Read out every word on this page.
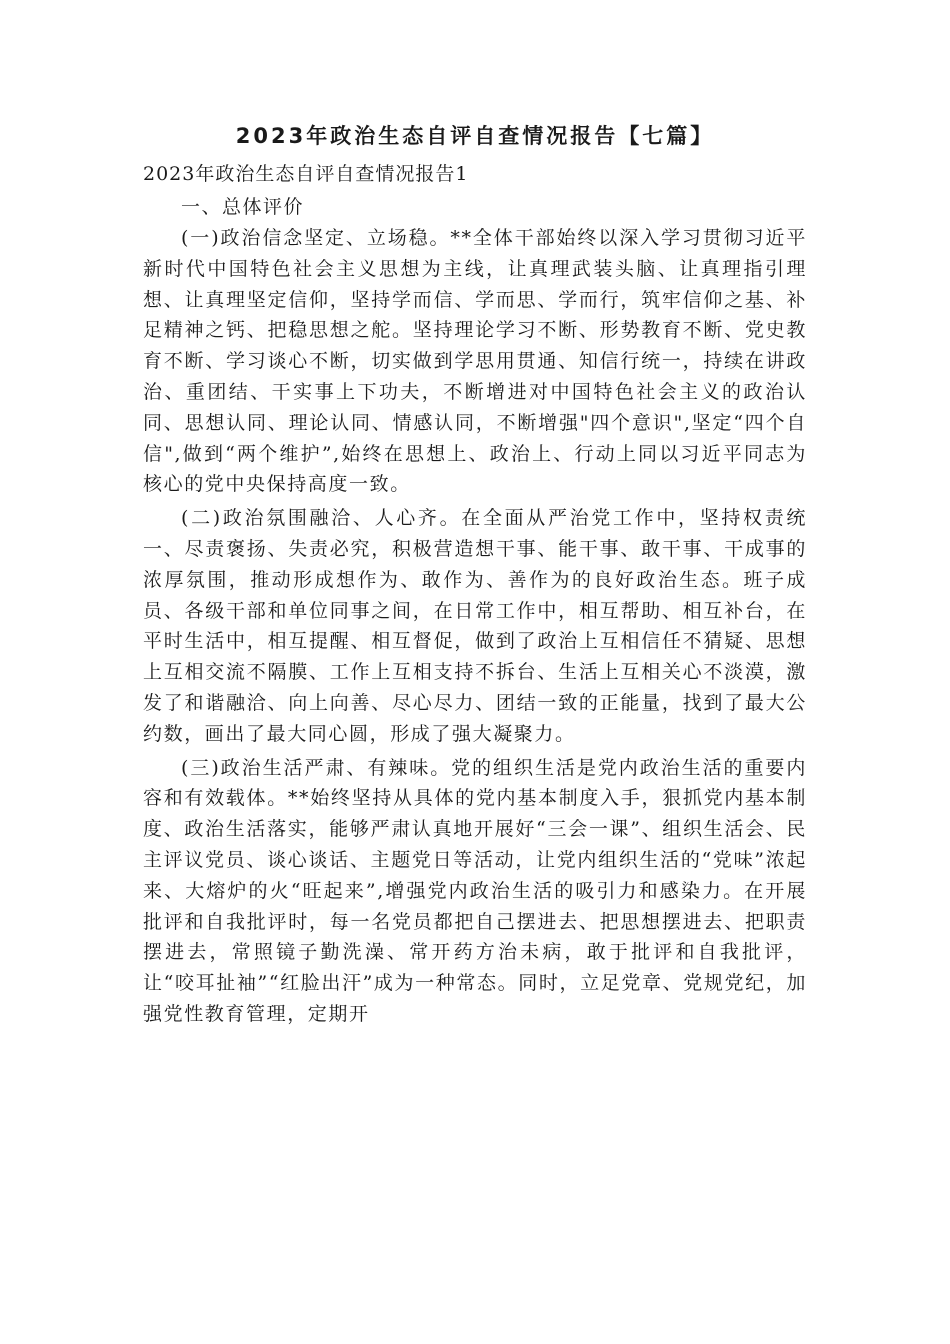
2023年政治生态自评自查情况报告【七篇】

2023年政治生态自评自查情况报告1

一、总体评价

(一)政治信念坚定、立场稳。**全体干部始终以深入学习贯彻习近平新时代中国特色社会主义思想为主线，让真理武装头脑、让真理指引理想、让真理坚定信仰，坚持学而信、学而思、学而行，筑牢信仰之基、补足精神之钙、把稳思想之舵。坚持理论学习不断、形势教育不断、党史教育不断、学习谈心不断，切实做到学思用贯通、知信行统一，持续在讲政治、重团结、干实事上下功夫，不断增进对中国特色社会主义的政治认同、思想认同、理论认同、情感认同，不断增强"四个意识",坚定“四个自信",做到“两个维护”,始终在思想上、政治上、行动上同以习近平同志为核心的党中央保持高度一致。

(二)政治氛围融洽、人心齐。在全面从严治党工作中，坚持权责统一、尽责褒扬、失责必究，积极营造想干事、能干事、敢干事、干成事的浓厚氛围，推动形成想作为、敢作为、善作为的良好政治生态。班子成员、各级干部和单位同事之间，在日常工作中，相互帮助、相互补台，在平时生活中，相互提醒、相互督促，做到了政治上互相信任不猜疑、思想上互相交流不隔膜、工作上互相支持不拆台、生活上互相关心不淡漠，激发了和谐融洽、向上向善、尽心尽力、团结一致的正能量，找到了最大公约数，画出了最大同心圆，形成了强大凝聚力。

(三)政治生活严肃、有辣味。党的组织生活是党内政治生活的重要内容和有效载体。**始终坚持从具体的党内基本制度入手，狠抓党内基本制度、政治生活落实，能够严肃认真地开展好“三会一课”、组织生活会、民主评议党员、谈心谈话、主题党日等活动，让党内组织生活的“党味”浓起来、大熔炉的火“旺起来”,增强党内政治生活的吸引力和感染力。在开展批评和自我批评时，每一名党员都把自己摆进去、把思想摆进去、把职责摆进去，常照镜子勤洗澡、常开药方治未病，敢于批评和自我批评，让“咬耳扯袖”“红脸出汗”成为一种常态。同时，立足党章、党规党纪，加强党性教育管理，定期开
